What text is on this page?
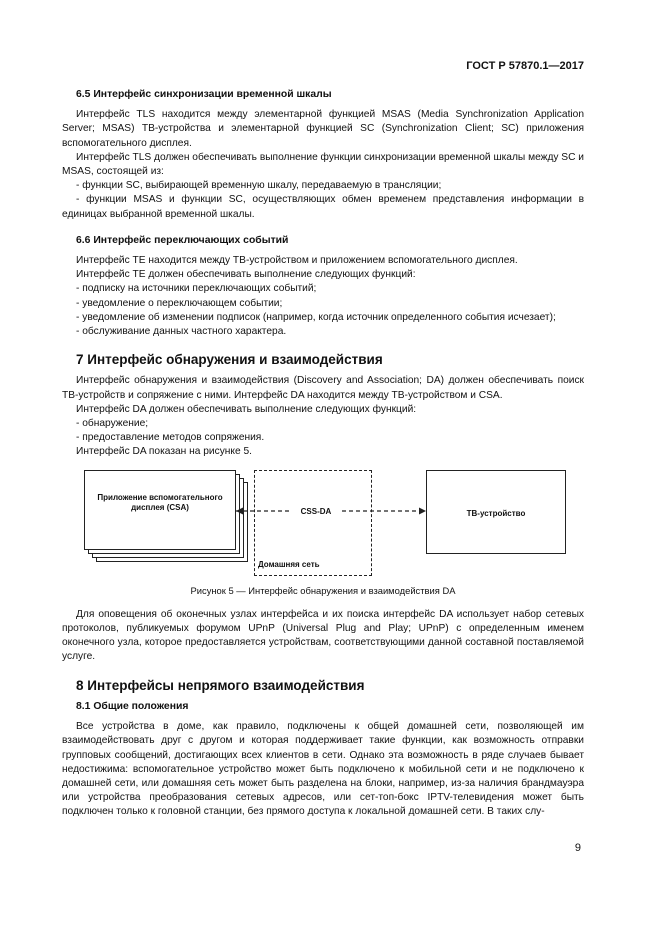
ГОСТ Р 57870.1—2017

6.5 Интерфейс синхронизации временной шкалы

Интерфейс TLS находится между элементарной функцией MSAS (Media Synchronization Application Server; MSAS) ТВ-устройства и элементарной функцией SC (Synchronization Client; SC) приложения вспомогательного дисплея.

Интерфейс TLS должен обеспечивать выполнение функции синхронизации временной шкалы между SC и MSAS, состоящей из:

- функции SC, выбирающей временную шкалу, передаваемую в трансляции;

- функции MSAS и функции SC, осуществляющих обмен временем представления информации в единицах выбранной временной шкалы.

6.6 Интерфейс переключающих событий

Интерфейс ТЕ находится между ТВ-устройством и приложением вспомогательного дисплея.

Интерфейс ТЕ должен обеспечивать выполнение следующих функций:

- подписку на источники переключающих событий;

- уведомление о переключающем событии;

- уведомление об изменении подписок (например, когда источник определенного события исчезает);

- обслуживание данных частного характера.

7 Интерфейс обнаружения и взаимодействия

Интерфейс обнаружения и взаимодействия (Discovery and Association; DA) должен обеспечивать поиск ТВ-устройств и сопряжение с ними. Интерфейс DA находится между ТВ-устройством и CSA.

Интерфейс DA должен обеспечивать выполнение следующих функций:

- обнаружение;

- предоставление методов сопряжения.

Интерфейс DA показан на рисунке 5.

Приложение вспомогательного дисплея (CSA)
ТВ-устройство
CSS-DA
Домашняя сеть

Рисунок 5 — Интерфейс обнаружения и взаимодействия DA

Для оповещения об оконечных узлах интерфейса и их поиска интерфейс DA использует набор сетевых протоколов, публикуемых форумом UPnP (Universal Plug and Play; UPnP) с определенным именем оконечного узла, которое предоставляется устройствам, соответствующими данной составной поставляемой услуге.

8 Интерфейсы непрямого взаимодействия

8.1 Общие положения

Все устройства в доме, как правило, подключены к общей домашней сети, позволяющей им взаимодействовать друг с другом и которая поддерживает такие функции, как возможность отправки групповых сообщений, достигающих всех клиентов в сети. Однако эта возможность в ряде случаев бывает недостижима: вспомогательное устройство может быть подключено к мобильной сети и не подключено к домашней сети, или домашняя сеть может быть разделена на блоки, например, из-за наличия брандмауэра или устройства преобразования сетевых адресов, или сет-топ-бокс IPTV-телевидения может быть подключен только к головной станции, без прямого доступа к локальной домашней сети. В таких слу-

9
